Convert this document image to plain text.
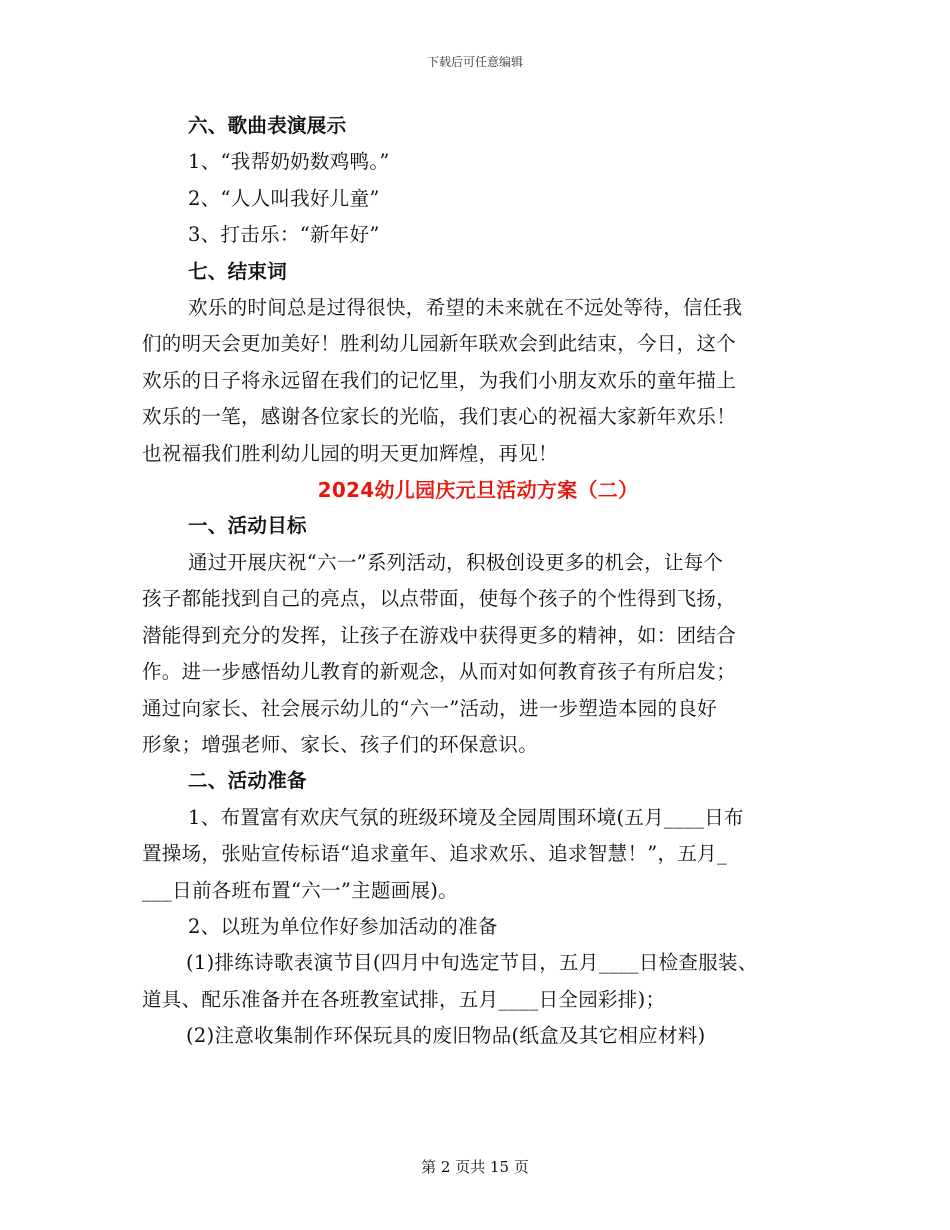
下载后可任意编辑
六、歌曲表演展示
1、“我帮奶奶数鸡鸭。”
2、“人人叫我好儿童”
3、打击乐：“新年好”
七、结束词
欢乐的时间总是过得很快，希望的未来就在不远处等待，信任我
们的明天会更加美好！胜利幼儿园新年联欢会到此结束，今日，这个
欢乐的日子将永远留在我们的记忆里，为我们小朋友欢乐的童年描上
欢乐的一笔，感谢各位家长的光临，我们衷心的祝福大家新年欢乐！
也祝福我们胜利幼儿园的明天更加辉煌，再见！
2024幼儿园庆元旦活动方案（二）
一、活动目标
通过开展庆祝“六一”系列活动，积极创设更多的机会，让每个
孩子都能找到自己的亮点，以点带面，使每个孩子的个性得到飞扬，
潜能得到充分的发挥，让孩子在游戏中获得更多的精神，如：团结合
作。进一步感悟幼儿教育的新观念，从而对如何教育孩子有所启发；
通过向家长、社会展示幼儿的“六一”活动，进一步塑造本园的良好
形象；增强老师、家长、孩子们的环保意识。
二、活动准备
1、布置富有欢庆气氛的班级环境及全园周围环境(五月____日布
置操场，张贴宣传标语“追求童年、追求欢乐、追求智慧！”，五月_
___日前各班布置“六一”主题画展)。
2、以班为单位作好参加活动的准备
(1)排练诗歌表演节目(四月中旬选定节目，五月____日检查服装、
道具、配乐准备并在各班教室试排，五月____日全园彩排)；
(2)注意收集制作环保玩具的废旧物品(纸盒及其它相应材料)
第 2 页共 15 页
